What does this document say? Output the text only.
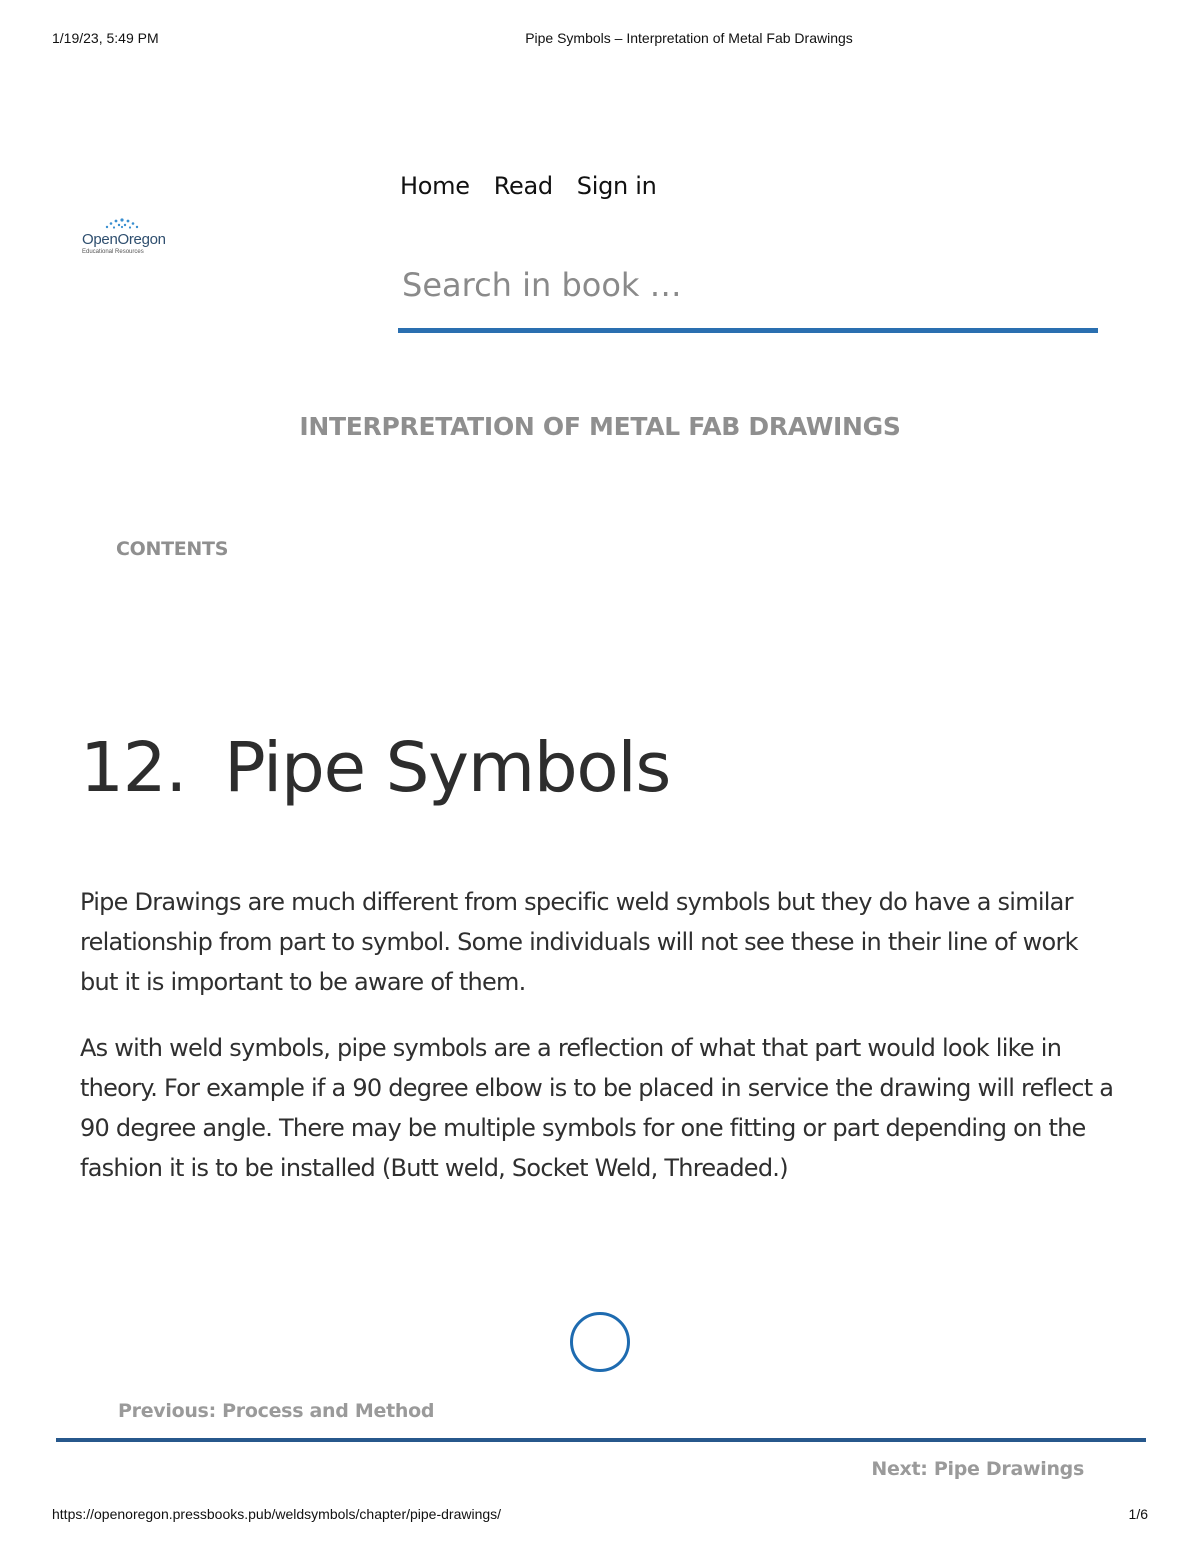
1/19/23, 5:49 PM	Pipe Symbols – Interpretation of Metal Fab Drawings
OpenOregon
Educational Resources
Home Read Sign in
Search in book …
INTERPRETATION OF METAL FAB DRAWINGS
CONTENTS
12. Pipe Symbols

Pipe Drawings are much different from specific weld symbols but they do have a similar relationship from part to symbol. Some individuals will not see these in their line of work but it is important to be aware of them.

As with weld symbols, pipe symbols are a reflection of what that part would look like in theory. For example if a 90 degree elbow is to be placed in service the drawing will reflect a 90 degree angle. There may be multiple symbols for one fitting or part depending on the fashion it is to be installed (Butt weld, Socket Weld, Threaded.)

Previous: Process and Method
Next: Pipe Drawings
https://openoregon.pressbooks.pub/weldsymbols/chapter/pipe-drawings/	1/6
